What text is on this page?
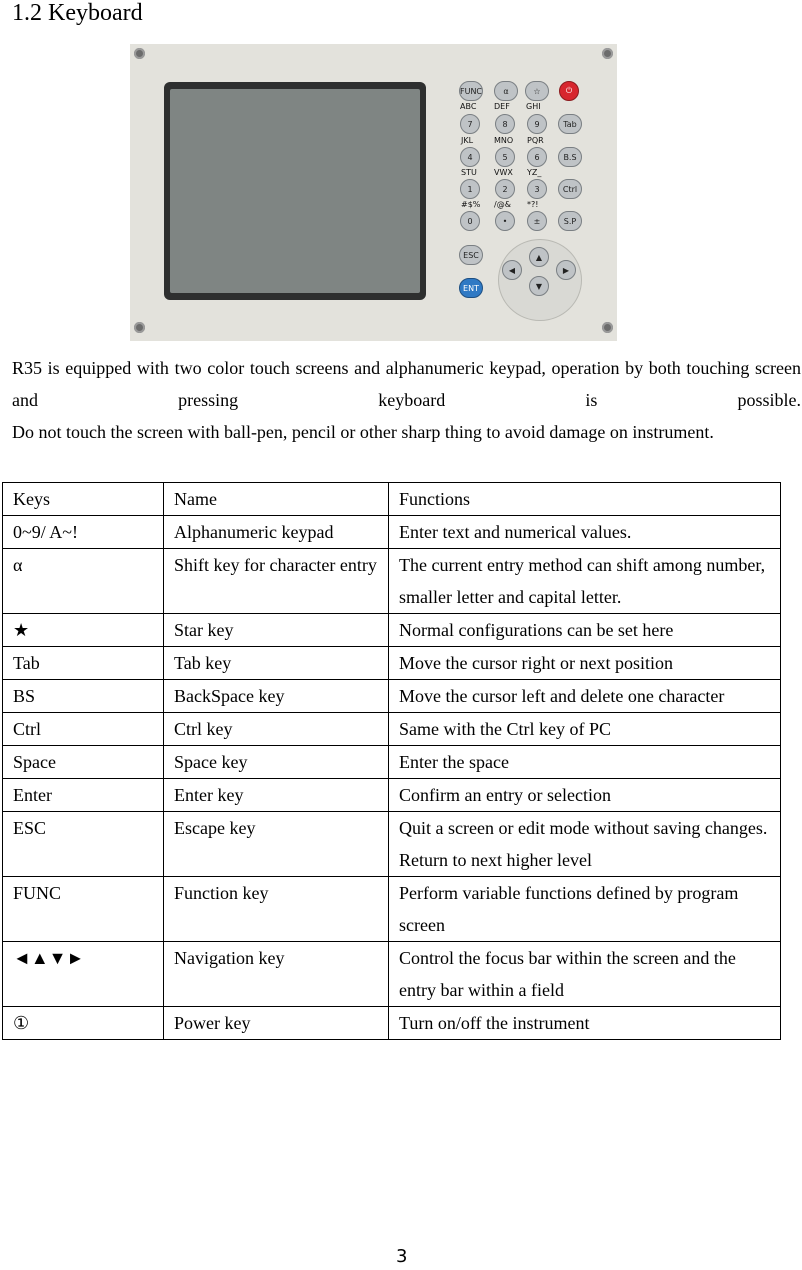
1.2 Keyboard
FUNC	α	☆	⏻
ABC DEF GHI
7	8	9	Tab
JKL	MNO PQR
4	5	6	B.S
STU VWX YZ_
1	2	3	Ctrl
#$% /@& *?!
0	•	±	S.P
ESC
ENT
▲
◀	▶
▼

R35 is equipped with two color touch screens and alphanumeric keypad, operation by both touching screen and pressing keyboard is possible.

Do not touch the screen with ball-pen, pencil or other sharp thing to avoid damage on instrument.

Keys	Name	Functions
0~9/ A~!	Alphanumeric keypad	Enter text and numerical values.
α	Shift key for character entry	The current entry method can shift among number, smaller letter and capital letter.
★	Star key	Normal configurations can be set here
Tab	Tab key	Move the cursor right or next position
BS	BackSpace key	Move the cursor left and delete one character
Ctrl	Ctrl key	Same with the Ctrl key of PC
Space	Space key	Enter the space
Enter	Enter key	Confirm an entry or selection
ESC	Escape key	Quit a screen or edit mode without saving changes. Return to next higher level
FUNC	Function key	Perform variable functions defined by program screen
◄▲▼►	Navigation key	Control the focus bar within the screen and the entry bar within a field
①	Power key	Turn on/off the instrument
3
